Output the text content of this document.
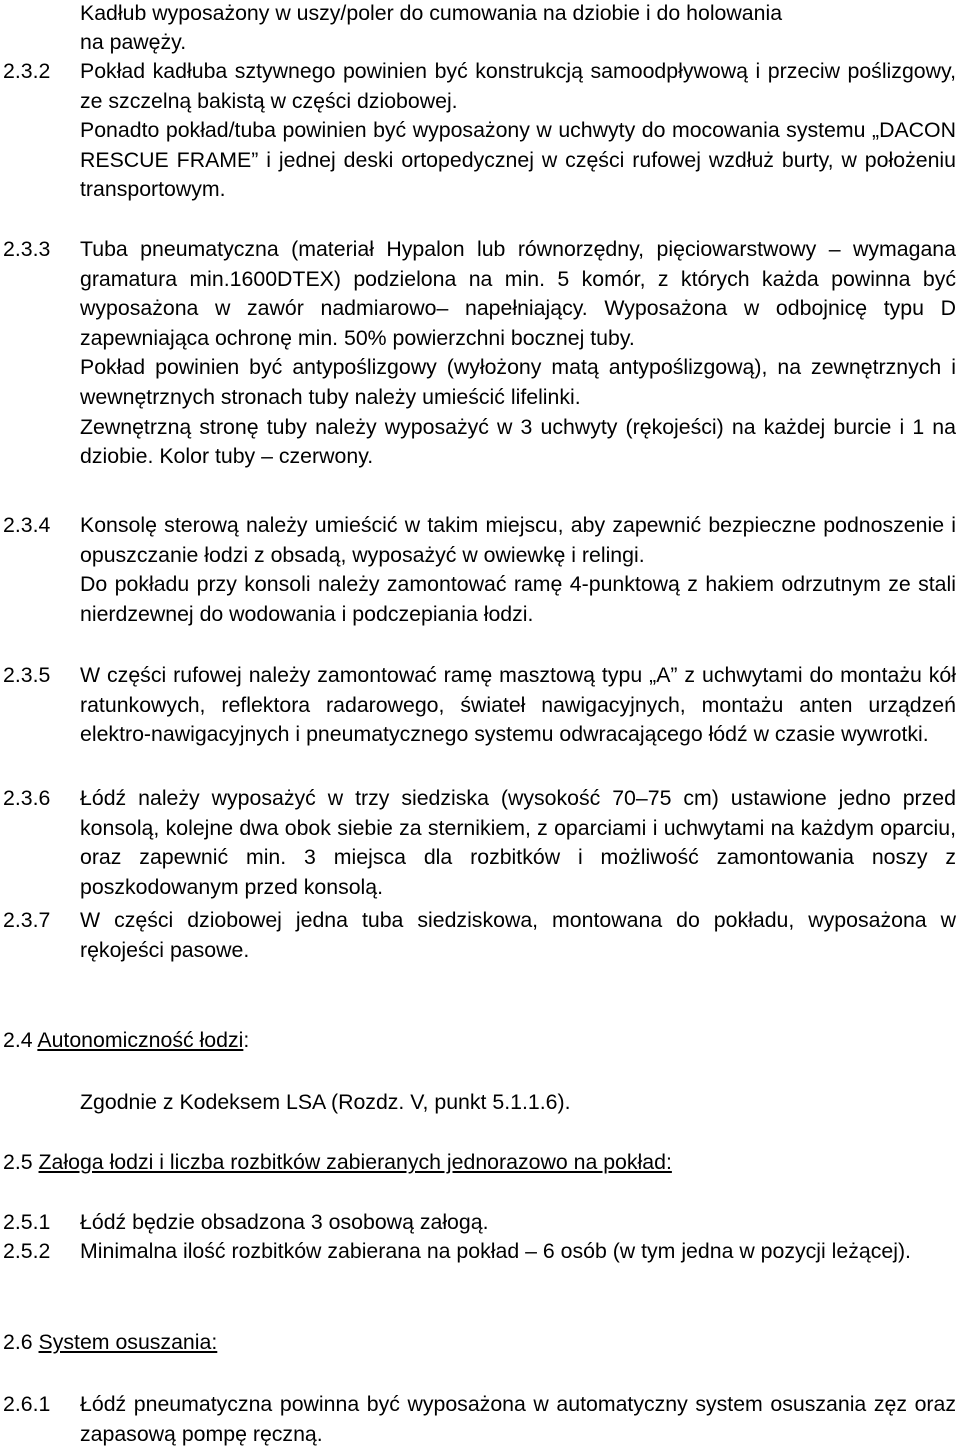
Kadłub wyposażony w uszy/poler do cumowania na dziobie i do holowania
na pawęży.
2.3.2 Pokład kadłuba sztywnego powinien być konstrukcją samoodpływową i przeciw poślizgowy, ze szczelną bakistą w części dziobowej.

Ponadto pokład/tuba powinien być wyposażony w uchwyty do mocowania systemu „DACON RESCUE FRAME” i jednej deski ortopedycznej w części rufowej wzdłuż burty, w położeniu transportowym.

2.3.3 Tuba pneumatyczna (materiał Hypalon lub równorzędny, pięciowarstwowy – wymagana gramatura min.1600DTEX) podzielona na min. 5 komór, z których każda powinna być wyposażona w zawór nadmiarowo– napełniający. Wyposażona w odbojnicę typu D zapewniająca ochronę min. 50% powierzchni bocznej tuby.

Pokład powinien być antypoślizgowy (wyłożony matą antypoślizgową), na zewnętrznych i wewnętrznych stronach tuby należy umieścić lifelinki.

Zewnętrzną stronę tuby należy wyposażyć w 3 uchwyty (rękojeści) na każdej burcie i 1 na dziobie. Kolor tuby – czerwony.

2.3.4 Konsolę sterową należy umieścić w takim miejscu, aby zapewnić bezpieczne podnoszenie i opuszczanie łodzi z obsadą, wyposażyć w owiewkę i relingi.

Do pokładu przy konsoli należy zamontować ramę 4-punktową z hakiem odrzutnym ze stali nierdzewnej do wodowania i podczepiania łodzi.

2.3.5 W części rufowej należy zamontować ramę masztową typu „A” z uchwytami do montażu kół ratunkowych, reflektora radarowego, świateł nawigacyjnych, montażu anten urządzeń elektro-nawigacyjnych i pneumatycznego systemu odwracającego łódź w czasie wywrotki.

2.3.6 Łódź należy wyposażyć w trzy siedziska (wysokość 70–75 cm) ustawione jedno przed konsolą, kolejne dwa obok siebie za sternikiem, z oparciami i uchwytami na każdym oparciu, oraz zapewnić min. 3 miejsca dla rozbitków i możliwość zamontowania noszy z poszkodowanym przed konsolą.

2.3.7 W części dziobowej jedna tuba siedziskowa, montowana do pokładu, wyposażona w rękojeści pasowe.

2.4 Autonomiczność łodzi:
Zgodnie z Kodeksem LSA (Rozdz. V, punkt 5.1.1.6).
2.5 Załoga łodzi i liczba rozbitków zabieranych jednorazowo na pokład:
2.5.1 Łódź będzie obsadzona 3 osobową załogą.
2.5.2 Minimalna ilość rozbitków zabierana na pokład – 6 osób (w tym jedna w pozycji leżącej).

2.6 System osuszania:
2.6.1 Łódź pneumatyczna powinna być wyposażona w automatyczny system osuszania zęz oraz zapasową pompę ręczną.
